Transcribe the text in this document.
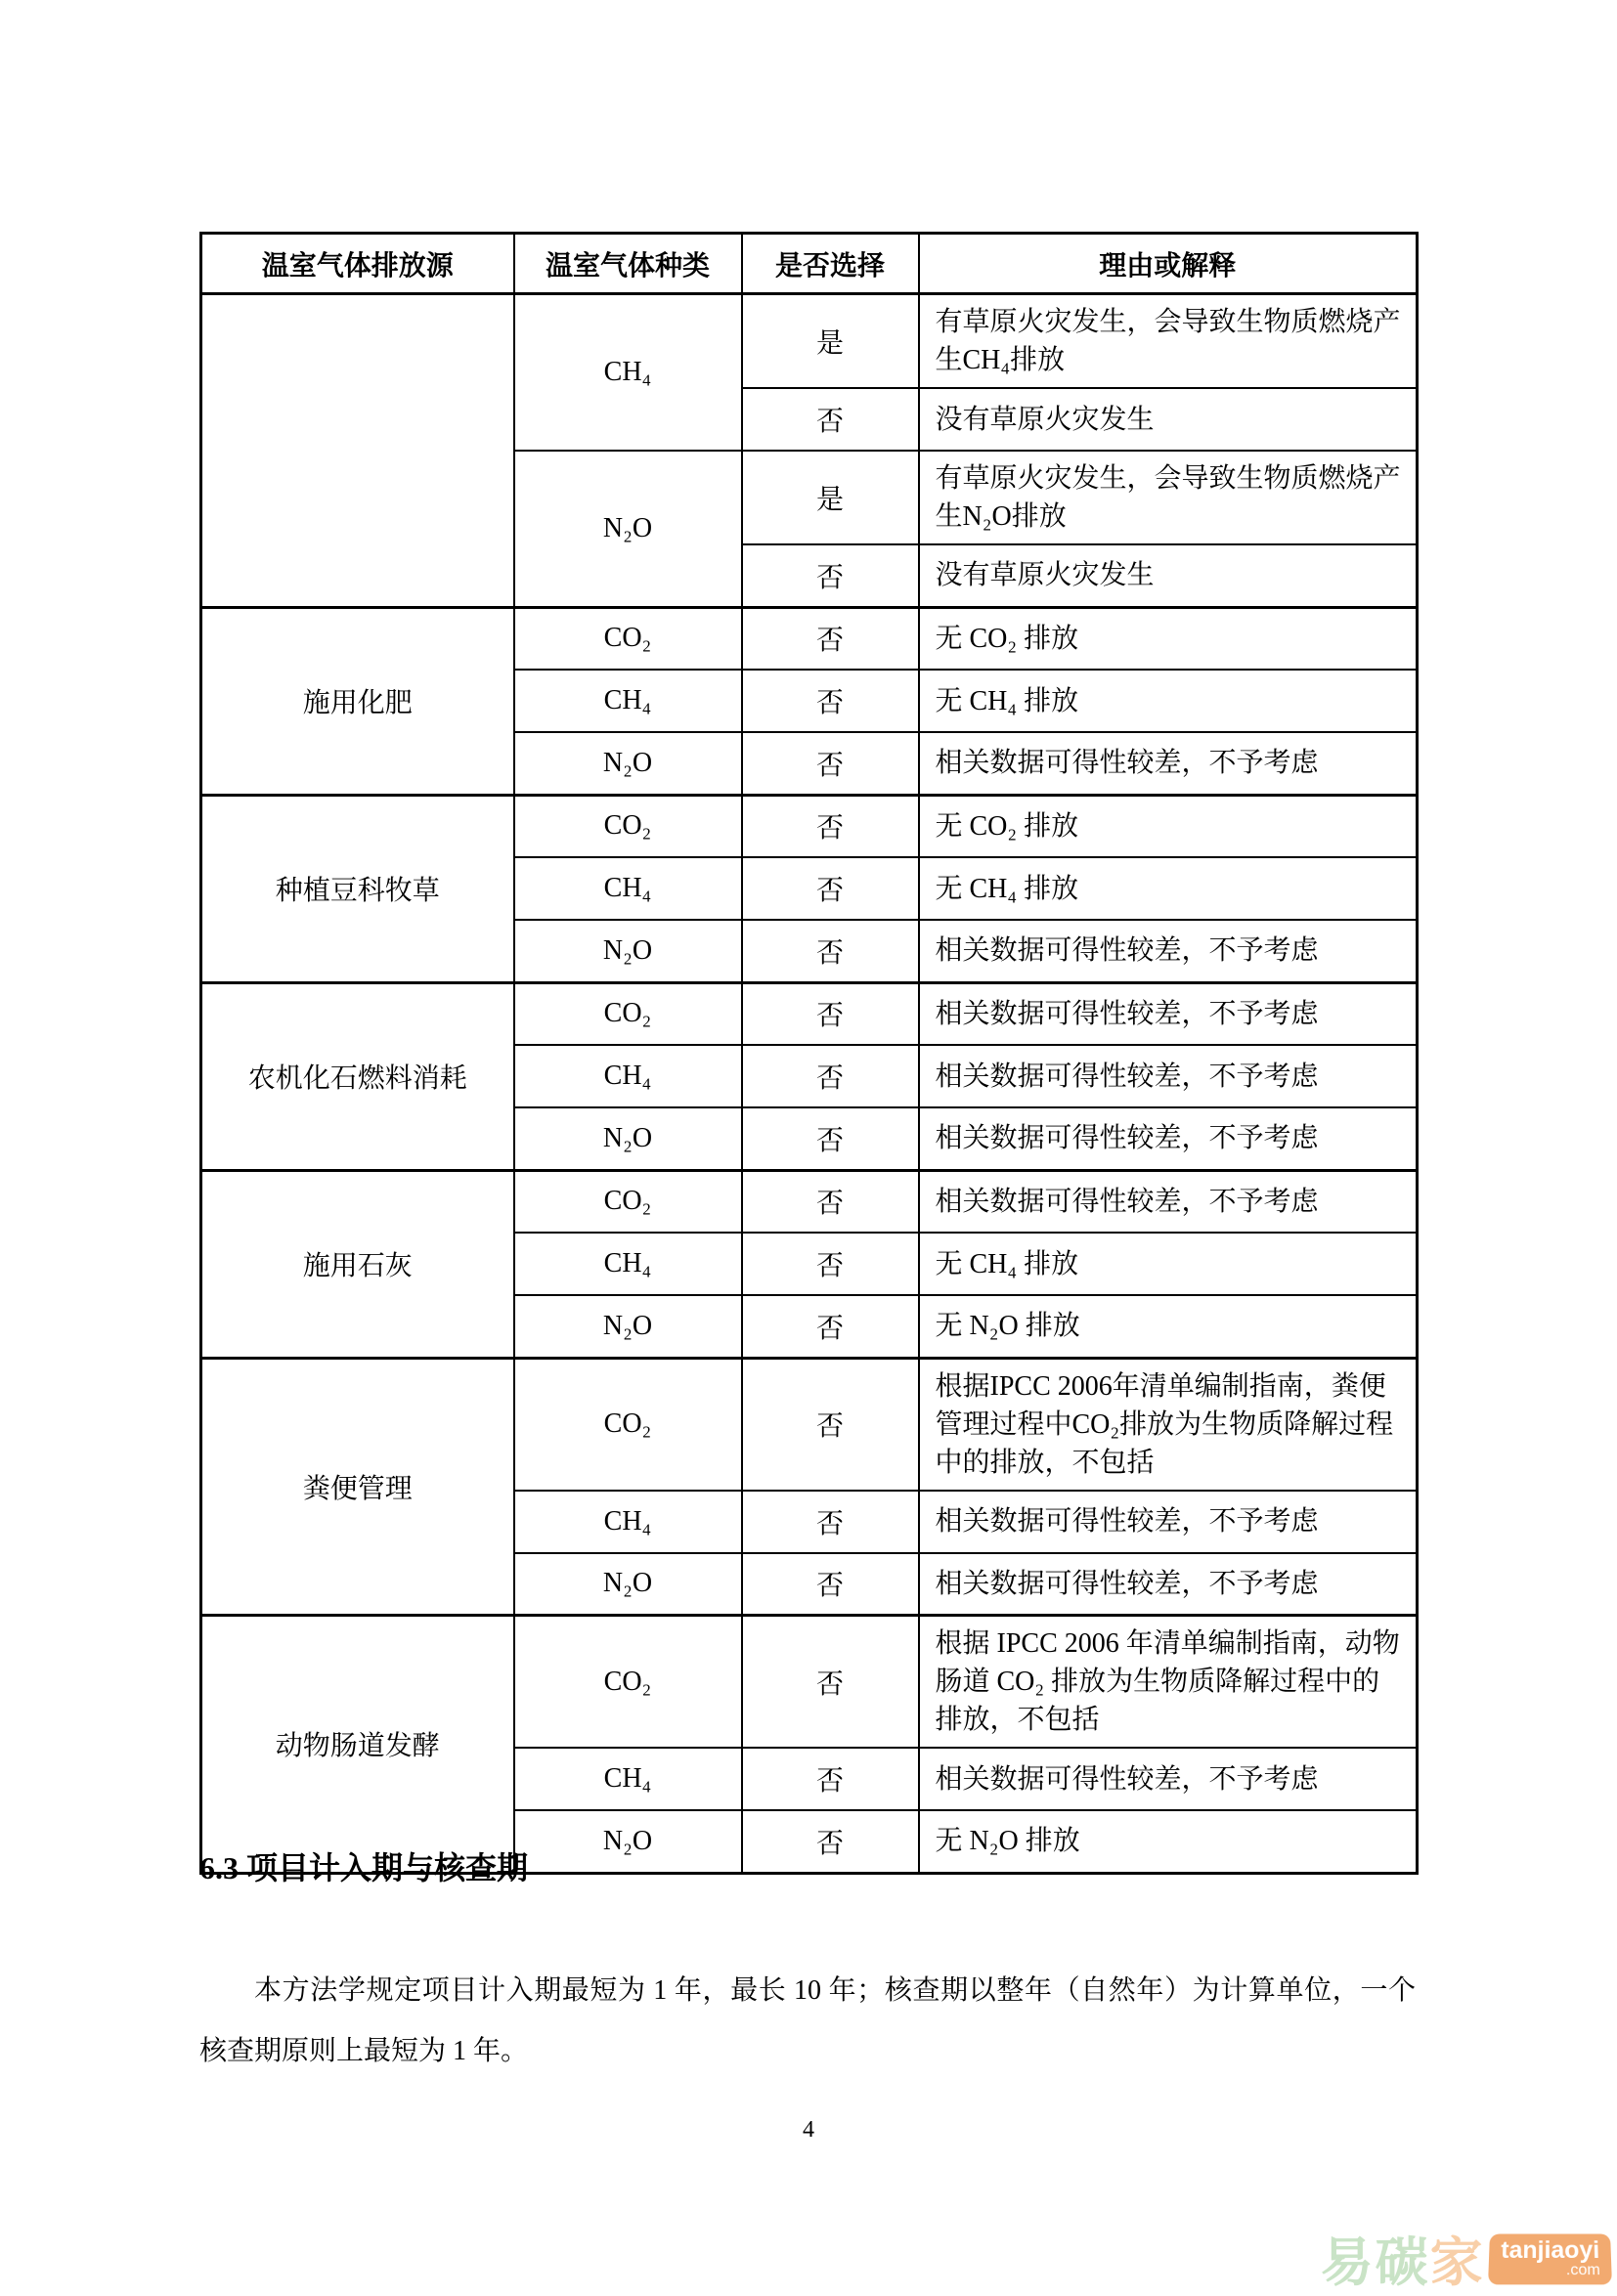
温室气体排放源	温室气体种类	是否选择	理由或解释
	CH₄	是	有草原火灾发生，会导致生物质燃烧产生CH₄排放
		否	没有草原火灾发生
	N₂O	是	有草原火灾发生，会导致生物质燃烧产生N₂O排放
		否	没有草原火灾发生
施用化肥	CO₂	否	无 CO₂ 排放
	CH₄	否	无 CH₄ 排放
	N₂O	否	相关数据可得性较差，不予考虑
种植豆科牧草	CO₂	否	无 CO₂ 排放
	CH₄	否	无 CH₄ 排放
	N₂O	否	相关数据可得性较差，不予考虑
农机化石燃料消耗	CO₂	否	相关数据可得性较差，不予考虑
	CH₄	否	相关数据可得性较差，不予考虑
	N₂O	否	相关数据可得性较差，不予考虑
施用石灰	CO₂	否	相关数据可得性较差，不予考虑
	CH₄	否	无 CH₄ 排放
	N₂O	否	无 N₂O 排放
粪便管理	CO₂	否	根据IPCC 2006年清单编制指南，粪便管理过程中CO₂排放为生物质降解过程中的排放，不包括
	CH₄	否	相关数据可得性较差，不予考虑
	N₂O	否	相关数据可得性较差，不予考虑
动物肠道发酵	CO₂	否	根据 IPCC 2006 年清单编制指南，动物肠道 CO₂ 排放为生物质降解过程中的排放，不包括
	CH₄	否	相关数据可得性较差，不予考虑
	N₂O	否	无 N₂O 排放
6.3 项目计入期与核查期

本方法学规定项目计入期最短为 1 年，最长 10 年；核查期以整年（自然年）为计算单位，一个核查期原则上最短为 1 年。

4
易碳 家 tanjiaoyi
.com
